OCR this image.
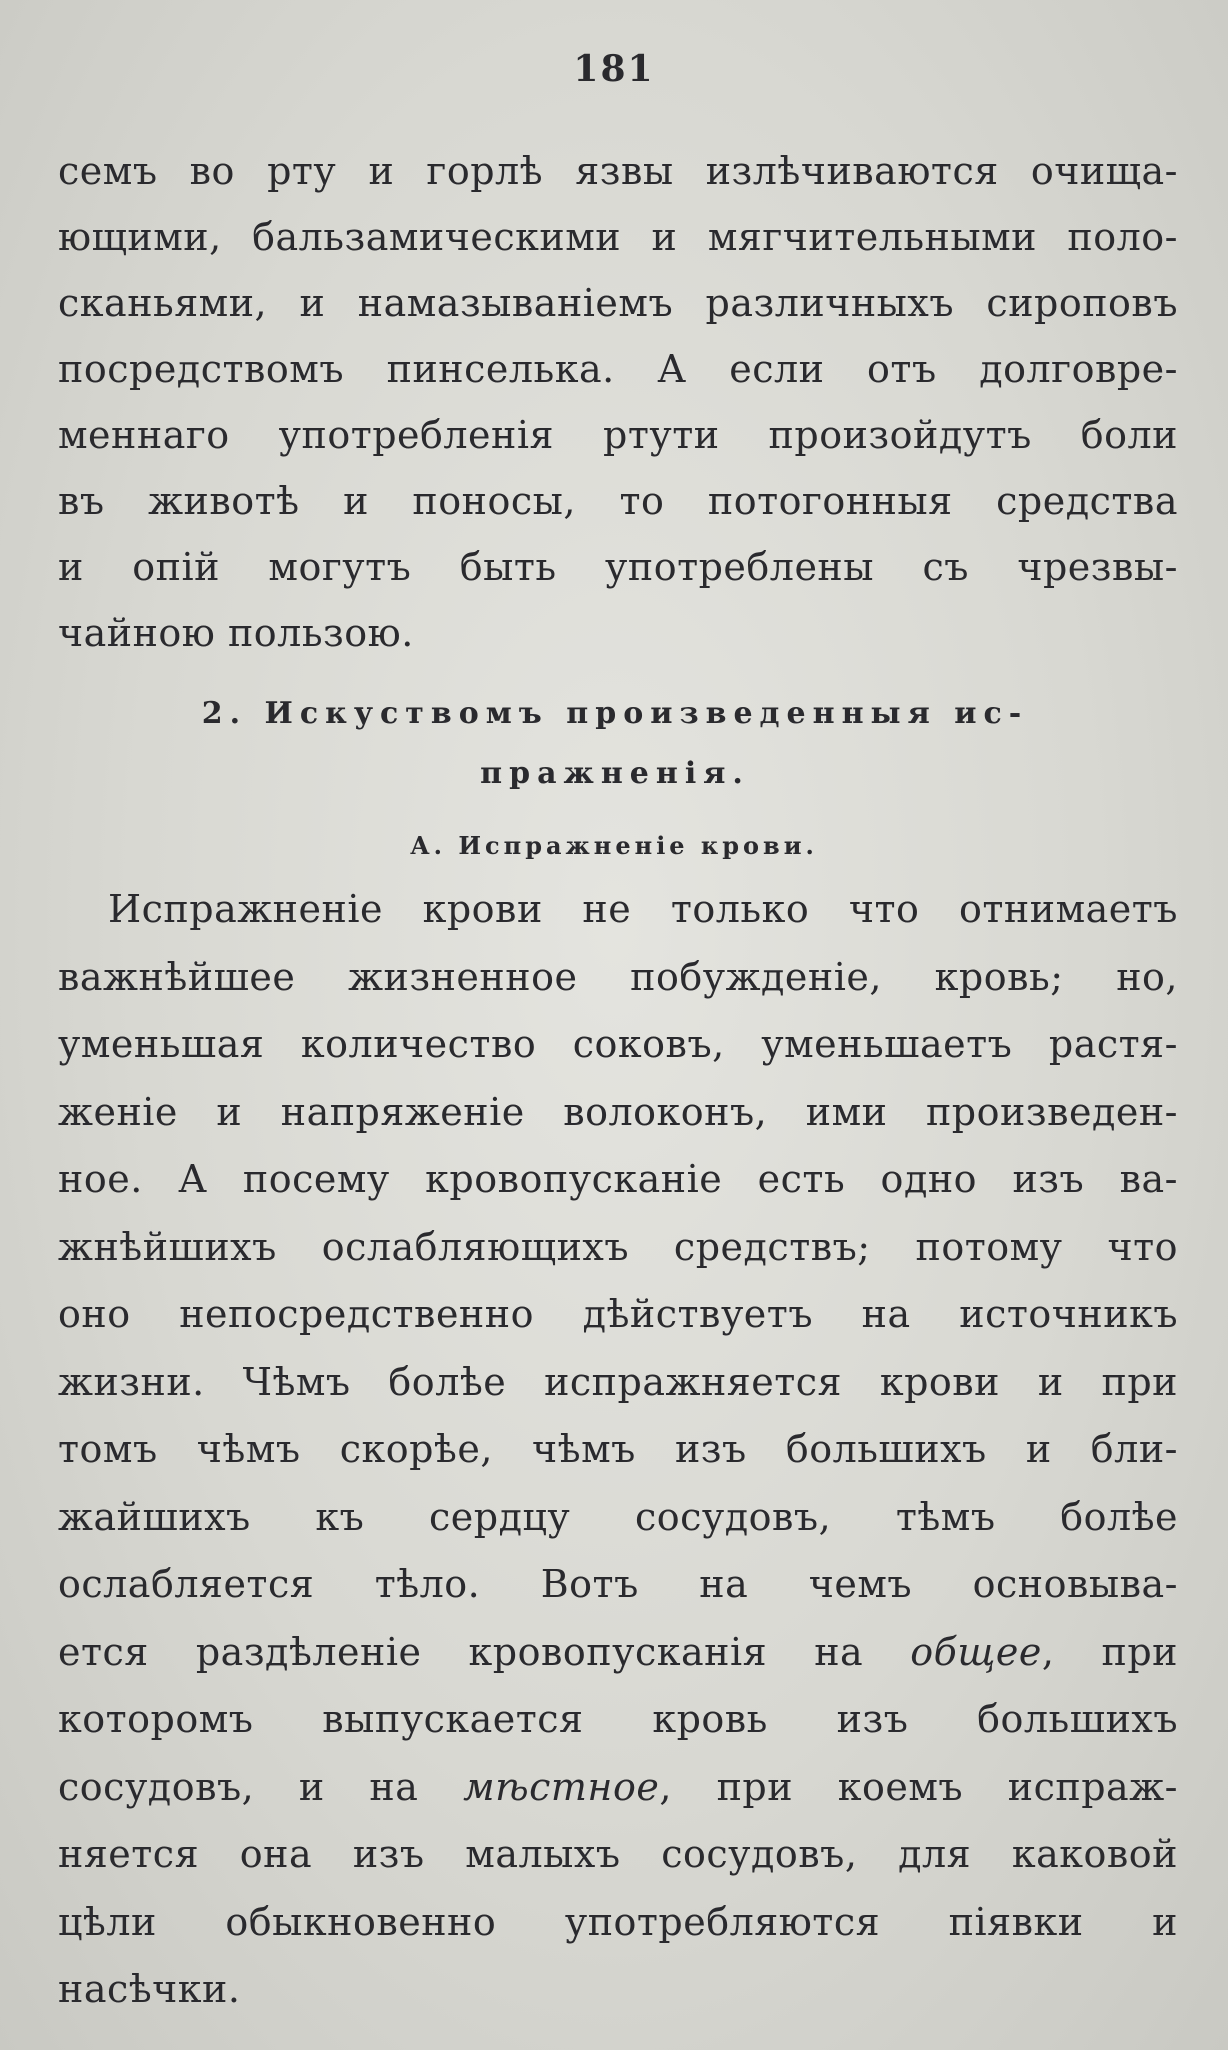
181
семъ во рту и горлѣ язвы излѣчиваются очища-
ющими, бальзамическими и мягчительными поло-
сканьями, и намазываніемъ различныхъ сироповъ
посредствомъ пинселька. А если отъ долговре-
меннаго употребленія ртути произойдутъ боли
въ животѣ и поносы, то потогонныя средства
и опій могутъ быть употреблены съ чрезвы-
чайною пользою.
2. Искуствомъ произведенныя ис-
пражненія.
А. Испражненіе крови.
Испражненіе крови не только что отнимаетъ
важнѣйшее жизненное побужденіе, кровь; но,
уменьшая количество соковъ, уменьшаетъ растя-
женіе и напряженіе волоконъ, ими произведен-
ное. А посему кровопусканіе есть одно изъ ва-
жнѣйшихъ ослабляющихъ средствъ; потому что
оно непосредственно дѣйствуетъ на источникъ
жизни. Чѣмъ болѣе испражняется крови и при
томъ чѣмъ скорѣе, чѣмъ изъ большихъ и бли-
жайшихъ къ сердцу сосудовъ, тѣмъ болѣе
ослабляется тѣло. Вотъ на чемъ основыва-
ется раздѣленіе кровопусканія на общее, при
которомъ выпускается кровь изъ большихъ
сосудовъ, и на мѣстное, при коемъ испраж-
няется она изъ малыхъ сосудовъ, для каковой
цѣли обыкновенно употребляются піявки и
насѣчки.
